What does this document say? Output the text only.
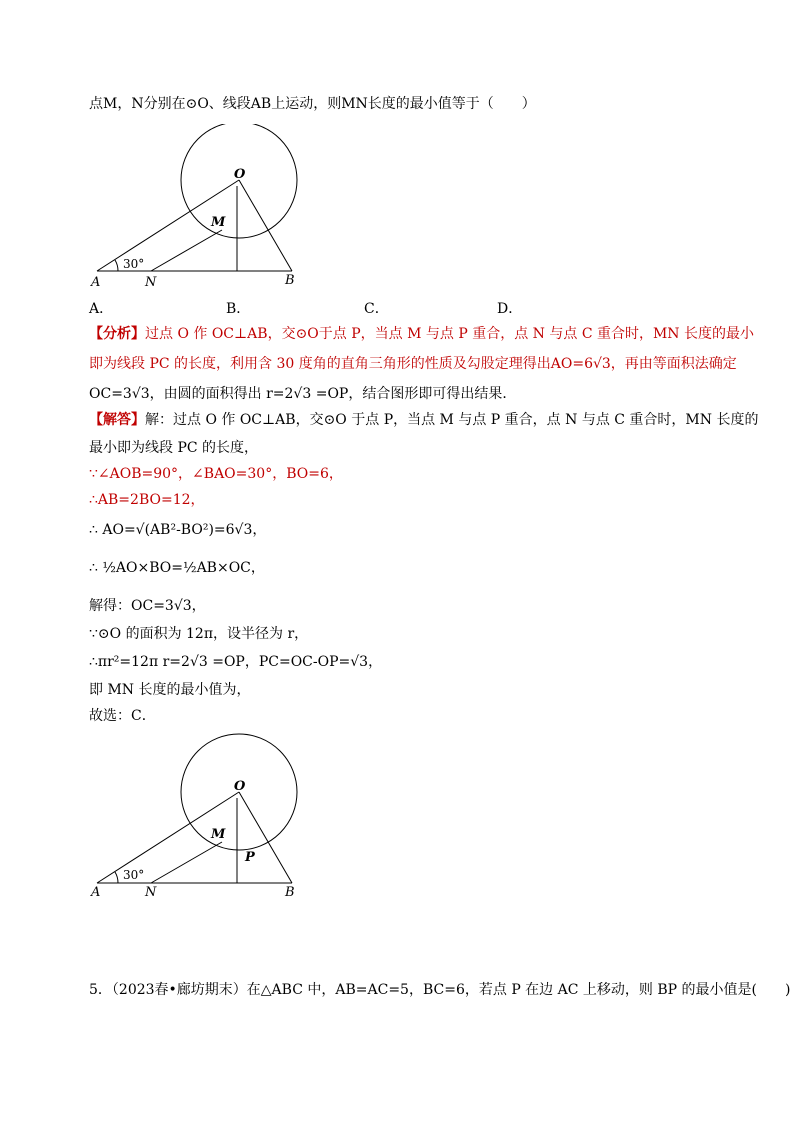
点M，N分别在⊙O、线段AB上运动，则MN长度的最小值等于（　　）
O
M
A	N	B
30°
A．	B．	C．	D．
【分析】过点 O 作 OC⊥AB，交⊙O于点 P，当点 M 与点 P 重合，点 N 与点 C 重合时，MN 长度的最小
即为线段 PC 的长度，利用含 30 度角的直角三角形的性质及勾股定理得出AO=6√3，再由等面积法确定
OC=3√3，由圆的面积得出 r=2√3 =OP，结合图形即可得出结果．
【解答】解：过点 O 作 OC⊥AB，交⊙O 于点 P，当点 M 与点 P 重合，点 N 与点 C 重合时，MN 长度的
最小即为线段 PC 的长度，
∵∠AOB=90°，∠BAO=30°，BO=6，
∴AB=2BO=12，
∴ AO=√(AB²-BO²)=6√3，
∴ ½AO×BO=½AB×OC，
解得：OC=3√3，
∵⊙O 的面积为 12π，设半径为 r，
∴πr²=12π r=2√3 =OP，PC=OC-OP=√3，
即 MN 长度的最小值为，
故选：C．
O
M
P
A	N	B
30°
5．（2023春•廊坊期末）在△ABC 中，AB=AC=5，BC=6，若点 P 在边 AC 上移动，则 BP 的最小值是(　　)
